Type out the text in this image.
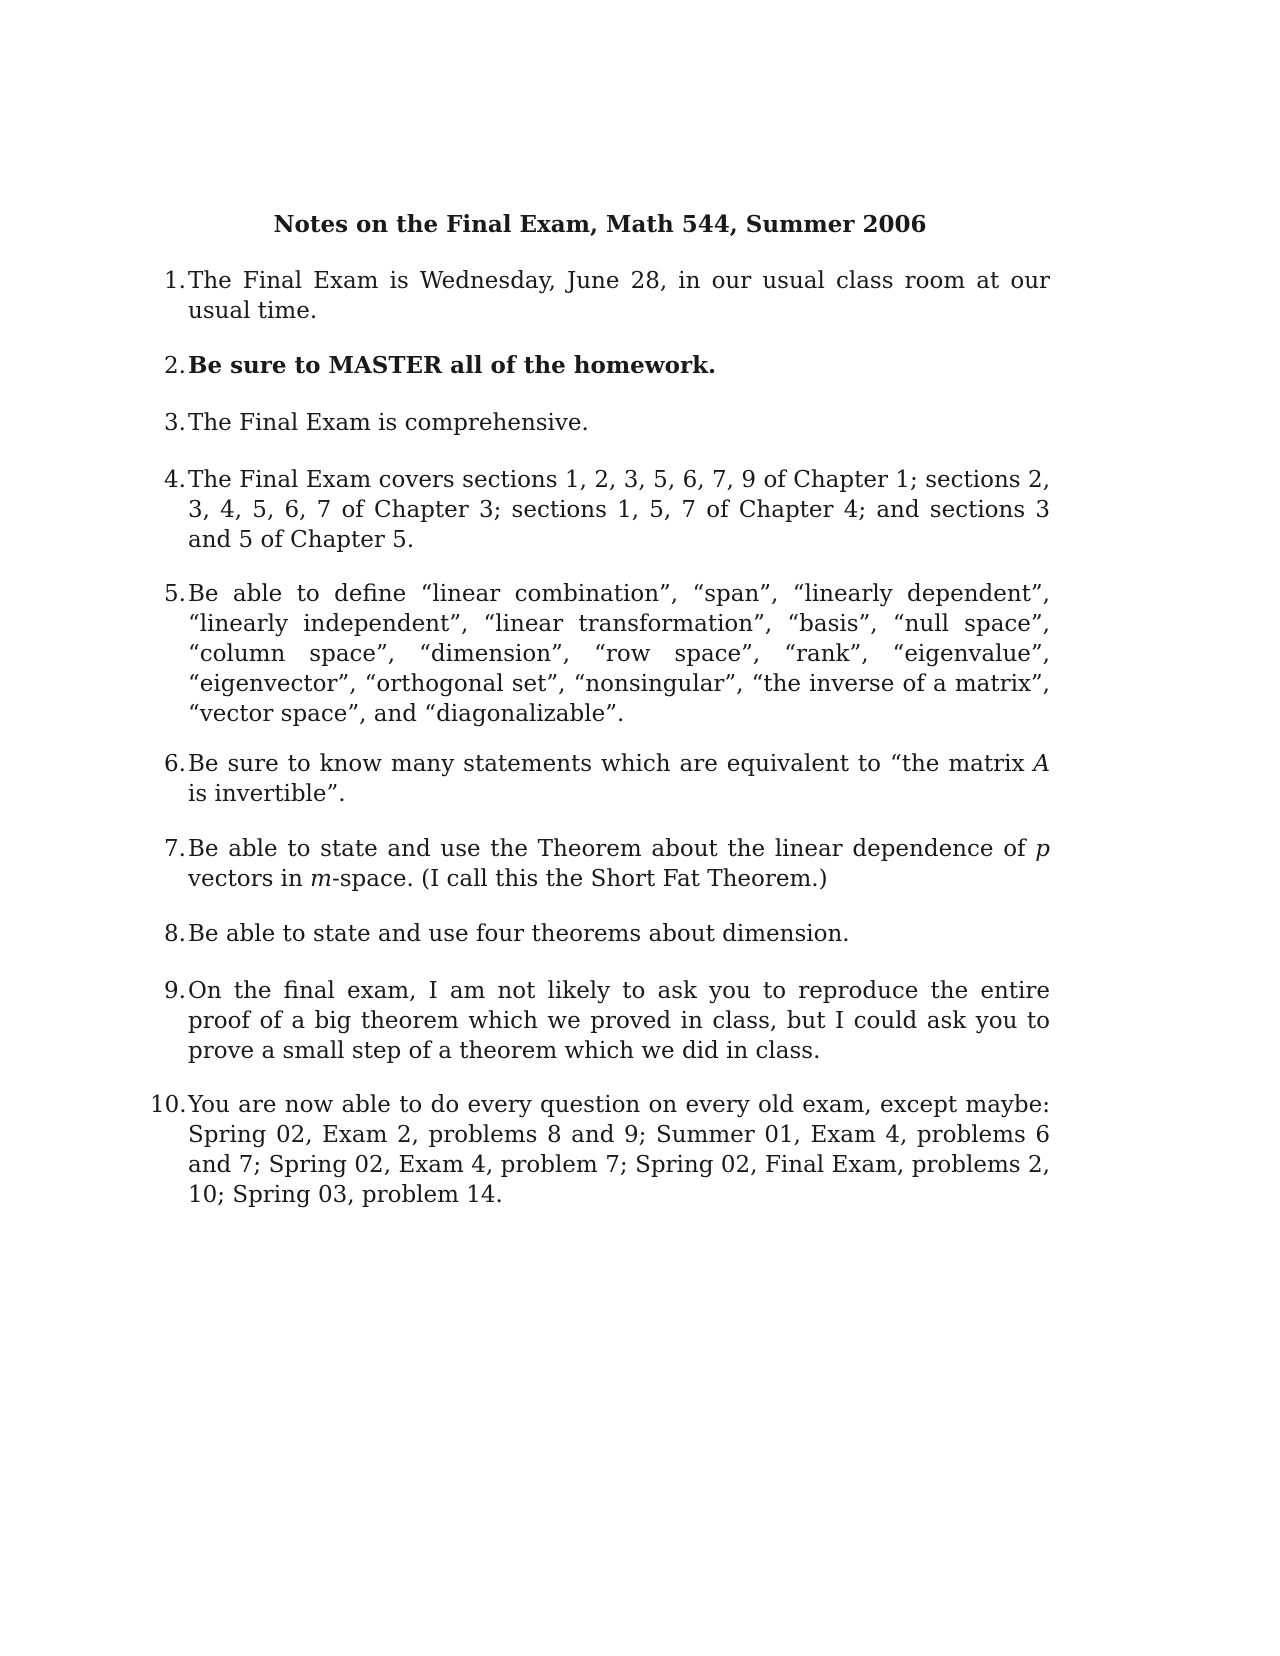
Notes on the Final Exam, Math 544, Summer 2006
1. The Final Exam is Wednesday, June 28, in our usual class room at our usual time.
2. Be sure to MASTER all of the homework.
3. The Final Exam is comprehensive.
4. The Final Exam covers sections 1, 2, 3, 5, 6, 7, 9 of Chapter 1; sections 2, 3, 4, 5, 6, 7 of Chapter 3; sections 1, 5, 7 of Chapter 4; and sections 3 and 5 of Chapter 5.
5. Be able to define “linear combination”, “span”, “linearly dependent”, “linearly independent”, “linear transformation”, “basis”, “null space”, “column space”, “dimension”, “row space”, “rank”, “eigenvalue”, “eigenvector”, “orthogonal set”, “nonsingular”, “the inverse of a matrix”, “vector space”, and “diagonalizable”.
6. Be sure to know many statements which are equivalent to “the matrix A is invertible”.
7. Be able to state and use the Theorem about the linear dependence of p vectors in m-space. (I call this the Short Fat Theorem.)
8. Be able to state and use four theorems about dimension.
9. On the final exam, I am not likely to ask you to reproduce the entire proof of a big theorem which we proved in class, but I could ask you to prove a small step of a theorem which we did in class.
10. You are now able to do every question on every old exam, except maybe: Spring 02, Exam 2, problems 8 and 9; Summer 01, Exam 4, problems 6 and 7; Spring 02, Exam 4, problem 7; Spring 02, Final Exam, problems 2, 10; Spring 03, problem 14.
